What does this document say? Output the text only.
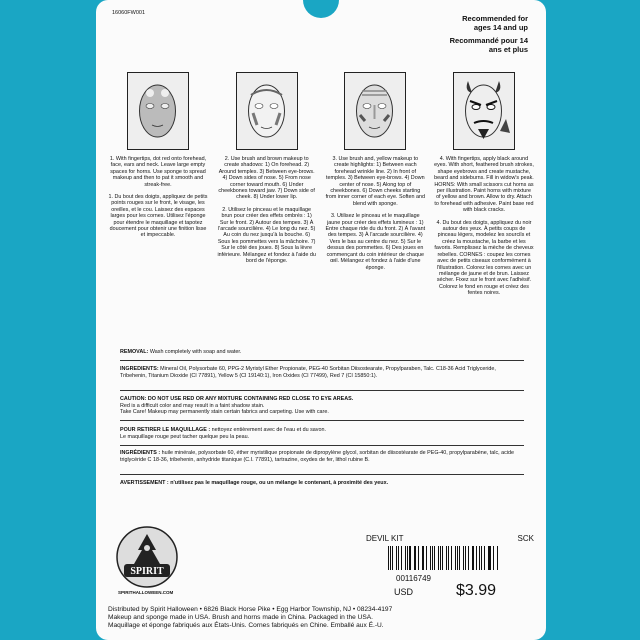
16060FW001
Recommended for ages 14 and up
Recommandé pour 14 ans et plus

1. With fingertips, dot red onto forehead, face, ears and neck. Leave large empty spaces for horns. Use sponge to spread makeup and then to pat it smooth and streak-free.

1. Du bout des doigts, appliquez de petits points rouges sur le front, le visage, les oreilles, et le cou. Laissez des espaces larges pour les cornes. Utilisez l'éponge pour étendre le maquillage et tapotez doucement pour obtenir une finition lisse et impeccable.

2. Use brush and brown makeup to create shadows: 1) On forehead. 2) Around temples. 3) Between eye-brows. 4) Down sides of nose. 5) From nose corner toward mouth. 6) Under cheekbones toward jaw. 7) Down side of cheek. 8) Under lower lip.

2. Utilisez le pinceau et le maquillage brun pour créer des effets ombrés : 1) Sur le front. 2) Autour des tempes. 3) À l'arcade sourcilière. 4) Le long du nez. 5) Au coin du nez jusqu'à la bouche. 6) Sous les pommettes vers la mâchoire. 7) Sur le côté des joues. 8) Sous la lèvre inférieure. Mélangez et fondez à l'aide du bord de l'éponge.

3. Use brush and, yellow makeup to create highlights: 1) Between each forehead wrinkle line. 2) In front of temples. 3) Between eye-brows. 4) Down center of nose. 5) Along top of cheekbones. 6) Down cheeks starting from inner corner of each eye. Soften and blend with sponge.

3. Utilisez le pinceau et le maquillage jaune pour créer des effets lumineux : 1) Entre chaque ride du du front. 2) À l'avant des tempes. 3) À l'arcade sourcilière. 4) Vers le bas au centre du nez. 5) Sur le dessus des pommettes. 6) Des joues en commençant du coin intérieur de chaque œil. Mélangez et fondez à l'aide d'une éponge.

4. With fingertips, apply black around eyes. With short, feathered brush strokes, shape eyebrows and create mustache, beard and sideburns. Fill in widow's peak. HORNS: With small scissors cut horns as per illustration. Paint horns with mixture of yellow and brown. Allow to dry. Attach to forehead with adhesive. Paint base red with black cracks.

4. Du bout des doigts, appliquez du noir autour des yeux. À petits coups de pinceau légers, modelez les sourcils et créez la moustache, la barbe et les favoris. Remplissez la mèche de cheveux rebelles. CORNES : coupez les cornes avec de petits ciseaux conformément à l'illustration. Colorez les cornes avec un mélange de jaune et de brun. Laissez sécher. Fixez sur le front avec l'adhésif. Colorez le fond en rouge et créez des fentes noires.

REMOVAL: Wash completely with soap and water.
INGREDIENTS: Mineral Oil, Polysorbate 60, PPG-2 Myristyl Ether Propionate, PEG-40 Sorbitan Diisostearate, Propylparaben, Talc. C18-36 Acid Triglyceride, Tribehenin, Titanium Dioxide (CI 77891), Yellow 5 (CI 19140:1), Iron Oxides (CI 77499), Red 7 (CI 15850:1).
CAUTION: DO NOT USE RED OR ANY MIXTURE CONTAINING RED CLOSE TO EYE AREAS.
Red is a difficult color and may result in a faint shadow stain.
Take Care! Makeup may permanently stain certain fabrics and carpeting. Use with care.
POUR RETIRER LE MAQUILLAGE : nettoyez entièrement avec de l'eau et du savon.
Le maquillage rouge peut tacher quelque peu la peau.
INGRÉDIENTS : huile minérale, polysorbate 60, éther myristilique propionate de dipropylène glycol, sorbitan de diisostéarate de PEG-40, propylparabène, talc, acide triglycéride C 18-36, tribehenin, anhydride titanique (C.I. 77891), tartrazine, oxydes de fer, lithol rubine B.
AVERTISSEMENT : n'utilisez pas le maquillage rouge, ou un mélange le contenant, à proximité des yeux.
SPIRIT
SPIRITHALLOWEEN.COM
DEVIL KIT	SCK
00116749
USD	$3.99
Distributed by Spirit Halloween • 6826 Black Horse Pike • Egg Harbor Township, NJ • 08234-4197
Makeup and sponge made in USA. Brush and horns made in China. Packaged in the USA.
Maquillage et éponge fabriqués aux États-Unis. Cornes fabriqués en Chine. Emballé aux É.-U.
